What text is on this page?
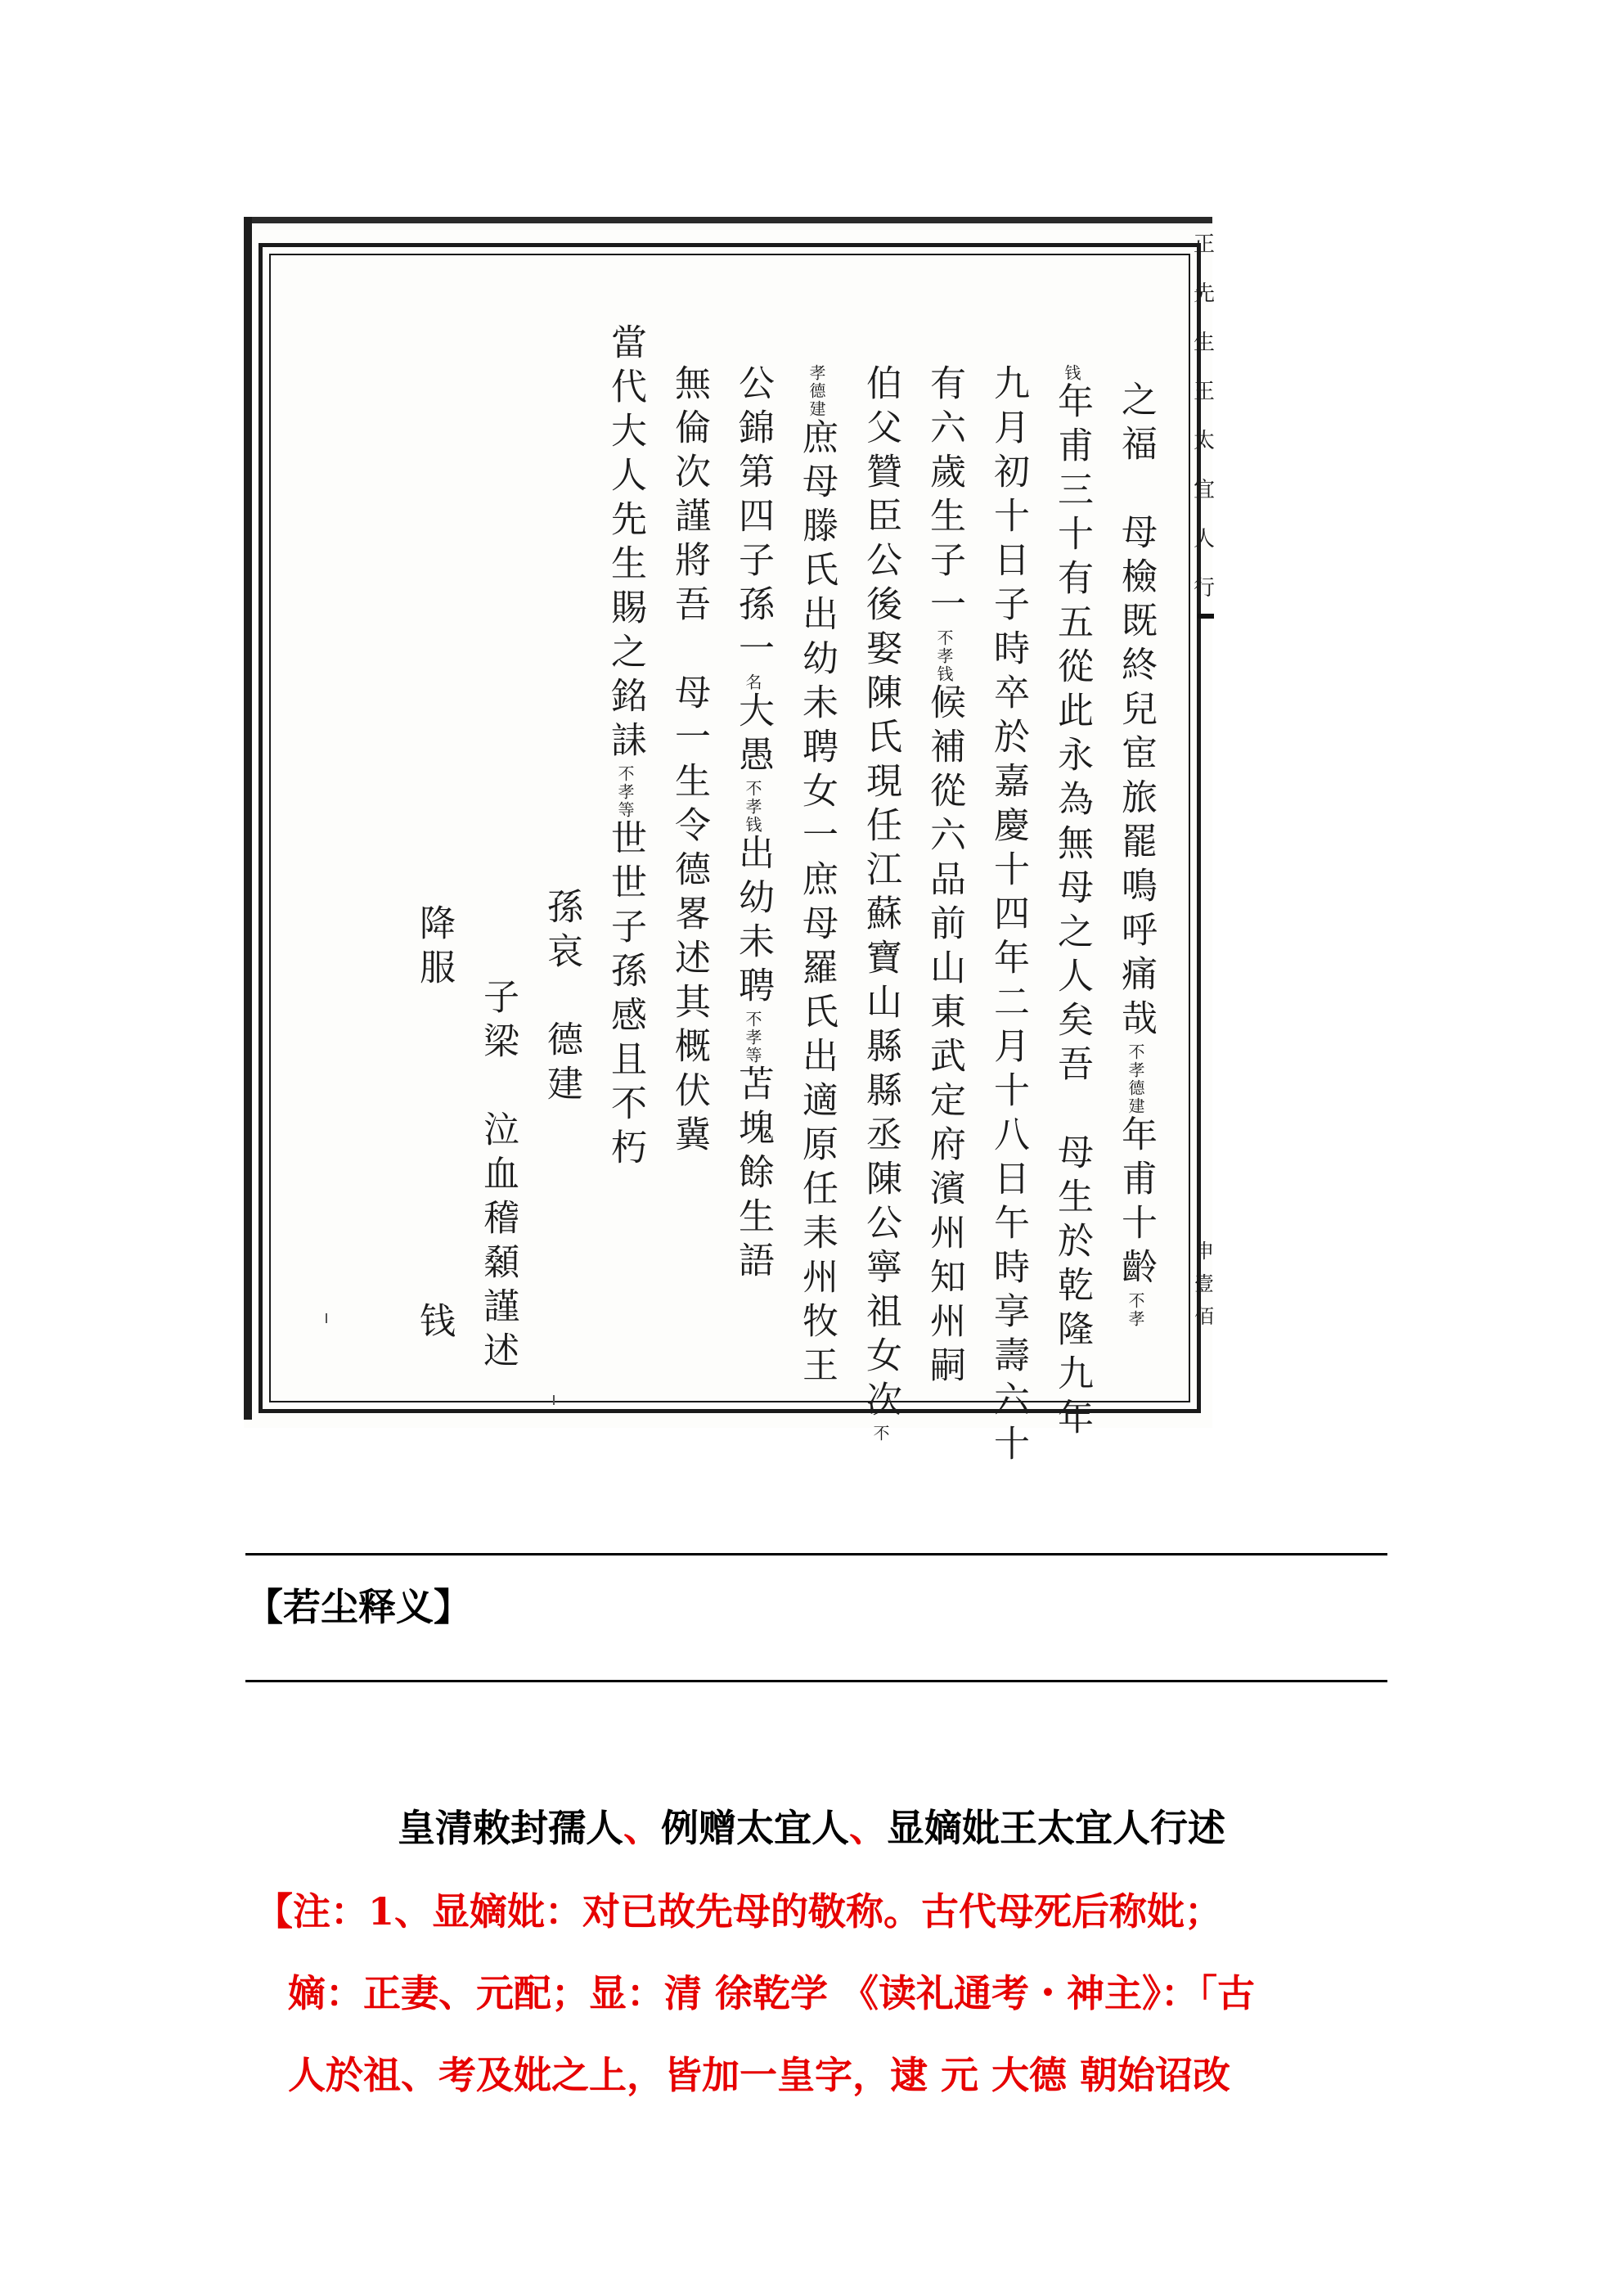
正
先
生
王
太
宜
人
行
申
壹
佰
之福　母檢既終兒宦旅罷鳴呼痛哉不孝德建年甫十齡不孝
钱年甫三十有五從此永為無母之人矣吾　母生於乾隆九年
九月初十日子時卒於嘉慶十四年二月十八日午時享壽六十
有六歲生子一不孝钱候補從六品前山東武定府濱州知州嗣
伯父贊臣公後娶陳氏現任江蘇寶山縣縣丞陳公寧祖女次不
孝德建庶母滕氏出幼未聘女一庶母羅氏出適原任耒州牧王
公錦第四子孫一名大愚不孝钱出幼未聘不孝等苫塊餘生語
無倫次謹將吾　母一生令德畧述其概伏冀
當代大人先生賜之銘誄不孝等世世子孫感且不朽
孫哀　德建
子梁　泣血稽顙謹述
降服　　　　　　　钱
【若尘释义】
皇清敕封孺人、例赠太宜人、显嫡妣王太宜人行述
【注：1、显嫡妣：对已故先母的敬称。古代母死后称妣；
嫡：正妻、元配；显：清 徐乾学 《读礼通考・神主》：「古
人於祖、考及妣之上，皆加一皇字，逮 元 大德 朝始诏改
